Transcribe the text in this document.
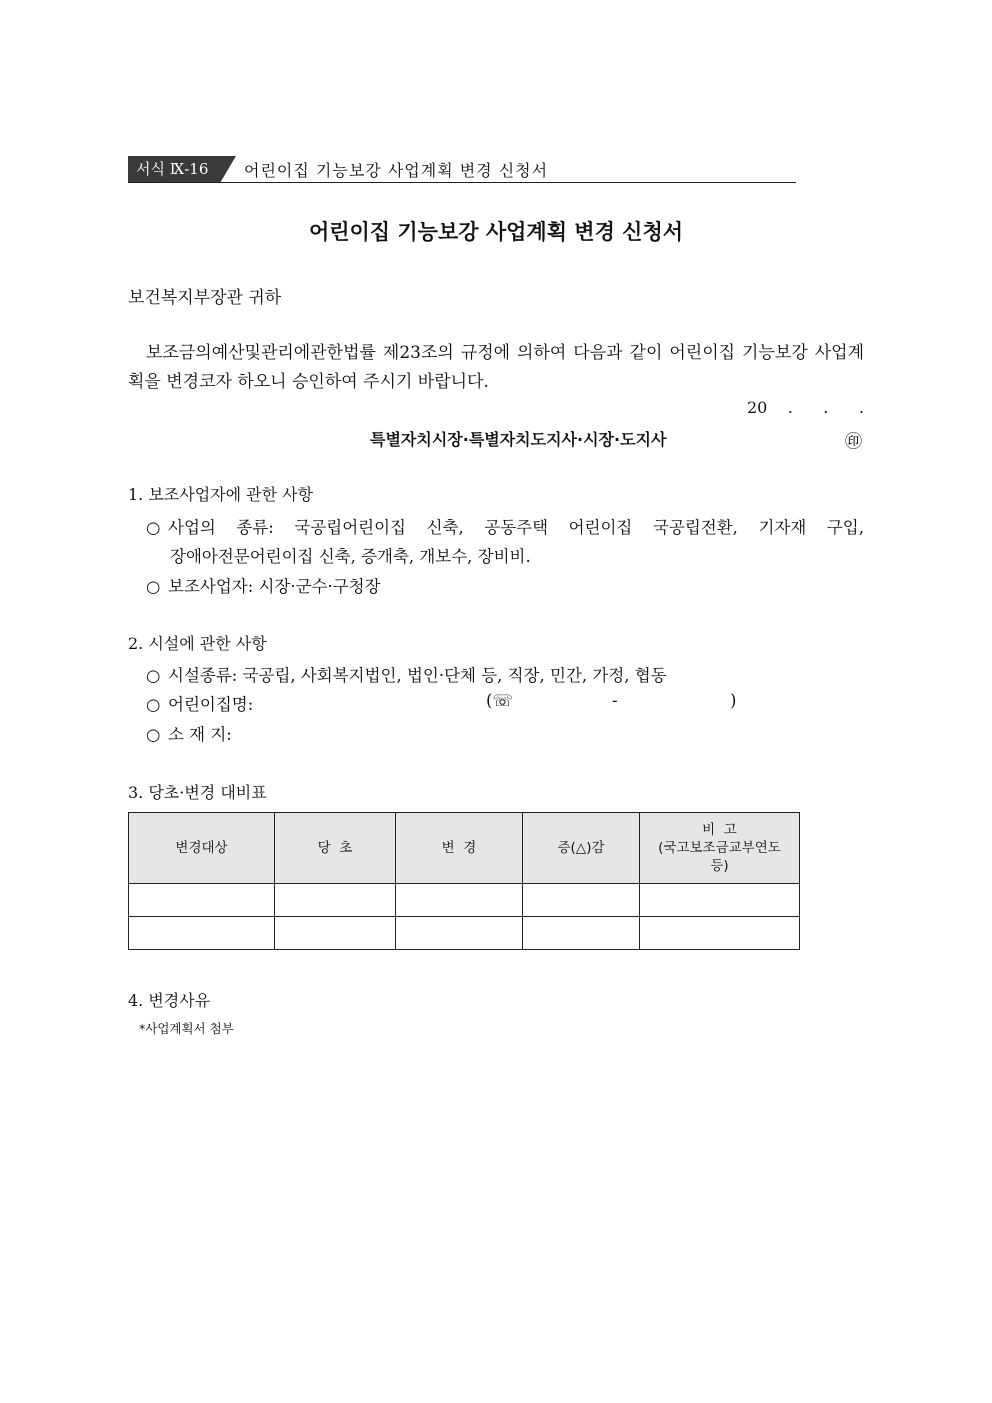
서식 Ⅸ-16	어린이집 기능보강 사업계획 변경 신청서
어린이집 기능보강 사업계획 변경 신청서
보건복지부장관 귀하
보조금의예산및관리에관한법률 제23조의 규정에 의하여 다음과 같이 어린이집 기능보강 사업계획을 변경코자 하오니 승인하여 주시기 바랍니다.
20    .      .      .
특별자치시장·특별자치도지사·시장·도지사	㊞
1. 보조사업자에 관한 사항
○ 사업의 종류: 국공립어린이집 신축, 공동주택 어린이집 국공립전환, 기자재 구입,
장애아전문어린이집 신축, 증개축, 개보수, 장비비.
○ 보조사업자: 시장·군수·구청장
2. 시설에 관한 사항
○ 시설종류: 국공립, 사회복지법인, 법인·단체 등, 직장, 민간, 가정, 협동
○ 어린이집명:	(☏	-	)
○ 소 재 지:
3. 당초·변경 대비표
변경대상	당  초	변  경	증(△)감	비  고
(국고보조금교부연도
등)

4. 변경사유
*사업계획서 첨부
